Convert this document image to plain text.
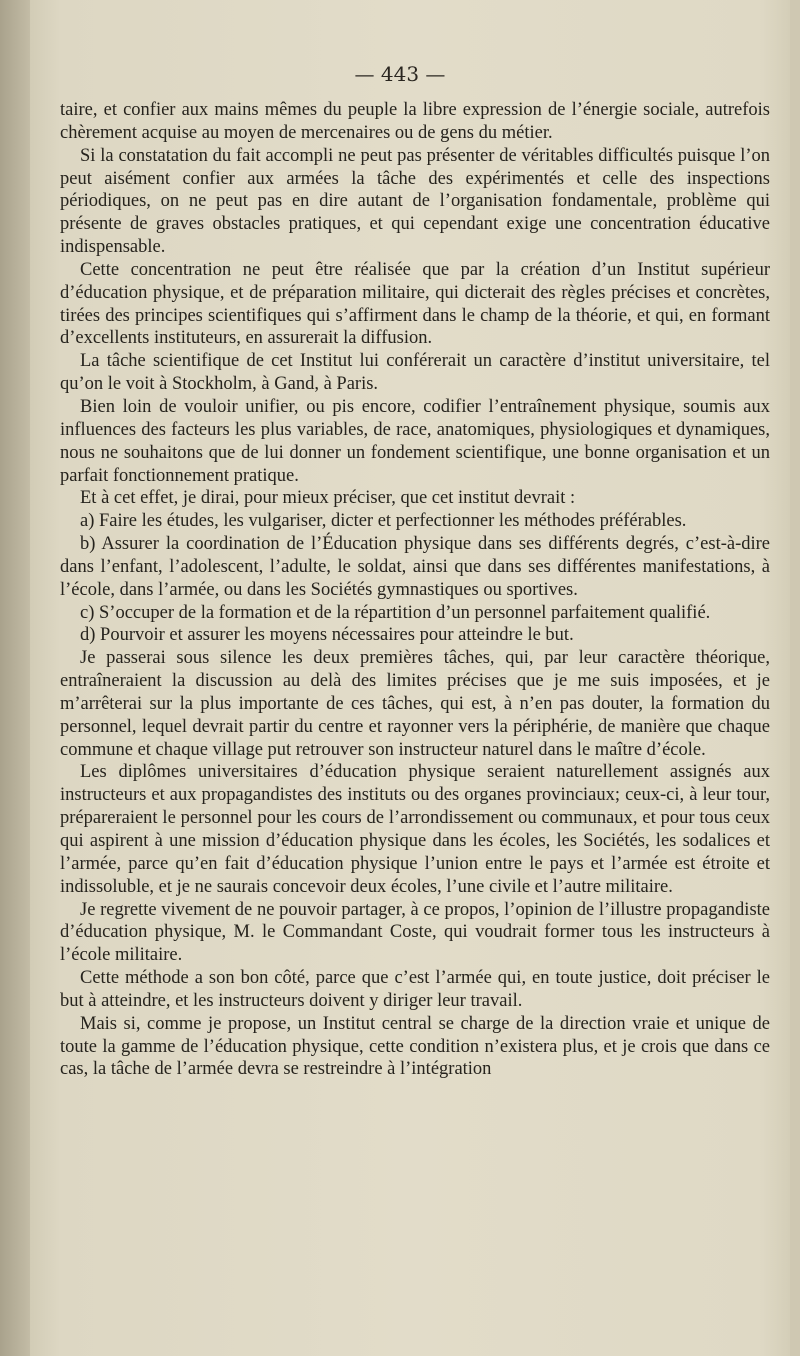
— 443 —

taire, et confier aux mains mêmes du peuple la libre expression de l’énergie sociale, autrefois chèrement acquise au moyen de mercenaires ou de gens du métier.

Si la constatation du fait accompli ne peut pas présenter de véritables difficultés puisque l’on peut aisément confier aux armées la tâche des expérimentés et celle des inspections périodiques, on ne peut pas en dire autant de l’organisation fondamentale, problème qui présente de graves obstacles pratiques, et qui cependant exige une concentration éducative indispensable.

Cette concentration ne peut être réalisée que par la création d’un Institut supérieur d’éducation physique, et de préparation militaire, qui dicterait des règles précises et concrètes, tirées des principes scientifiques qui s’affirment dans le champ de la théorie, et qui, en formant d’excellents instituteurs, en assurerait la diffusion.

La tâche scientifique de cet Institut lui conférerait un caractère d’institut universitaire, tel qu’on le voit à Stockholm, à Gand, à Paris.

Bien loin de vouloir unifier, ou pis encore, codifier l’entraînement physique, soumis aux influences des facteurs les plus variables, de race, anatomiques, physiologiques et dynamiques, nous ne souhaitons que de lui donner un fondement scientifique, une bonne organisation et un parfait fonctionnement pratique.

Et à cet effet, je dirai, pour mieux préciser, que cet institut devrait :

a) Faire les études, les vulgariser, dicter et perfectionner les méthodes préférables.

b) Assurer la coordination de l’Éducation physique dans ses différents degrés, c’est-à-dire dans l’enfant, l’adolescent, l’adulte, le soldat, ainsi que dans ses différentes manifestations, à l’école, dans l’armée, ou dans les Sociétés gymnastiques ou sportives.

c) S’occuper de la formation et de la répartition d’un personnel parfaitement qualifié.

d) Pourvoir et assurer les moyens nécessaires pour atteindre le but.

Je passerai sous silence les deux premières tâches, qui, par leur caractère théorique, entraîneraient la discussion au delà des limites précises que je me suis imposées, et je m’arrêterai sur la plus importante de ces tâches, qui est, à n’en pas douter, la formation du personnel, lequel devrait partir du centre et rayonner vers la périphérie, de manière que chaque commune et chaque village put retrouver son instructeur naturel dans le maître d’école.

Les diplômes universitaires d’éducation physique seraient naturellement assignés aux instructeurs et aux propagandistes des instituts ou des organes provinciaux; ceux-ci, à leur tour, prépareraient le personnel pour les cours de l’arrondissement ou communaux, et pour tous ceux qui aspirent à une mission d’éducation physique dans les écoles, les Sociétés, les sodalices et l’armée, parce qu’en fait d’éducation physique l’union entre le pays et l’armée est étroite et indissoluble, et je ne saurais concevoir deux écoles, l’une civile et l’autre militaire.

Je regrette vivement de ne pouvoir partager, à ce propos, l’opinion de l’illustre propagandiste d’éducation physique, M. le Commandant Coste, qui voudrait former tous les instructeurs à l’école militaire.

Cette méthode a son bon côté, parce que c’est l’armée qui, en toute justice, doit préciser le but à atteindre, et les instructeurs doivent y diriger leur travail.

Mais si, comme je propose, un Institut central se charge de la direction vraie et unique de toute la gamme de l’éducation physique, cette condition n’existera plus, et je crois que dans ce cas, la tâche de l’armée devra se restreindre à l’intégration
